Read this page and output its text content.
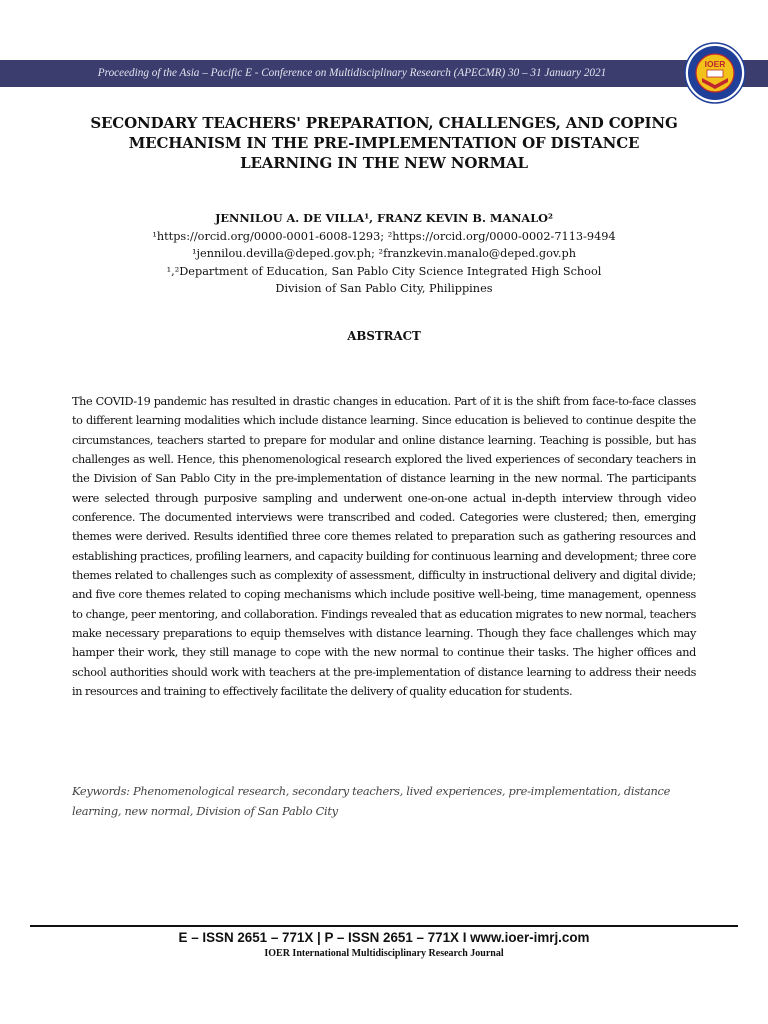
Proceeding of the Asia – Pacific E - Conference on Multidisciplinary Research (APECMR) 30 – 31 January 2021
IOER
SECONDARY TEACHERS' PREPARATION, CHALLENGES, AND COPING
MECHANISM IN THE PRE-IMPLEMENTATION OF DISTANCE
LEARNING IN THE NEW NORMAL
JENNILOU A. DE VILLA¹, FRANZ KEVIN B. MANALO²
¹https://orcid.org/0000-0001-6008-1293; ²https://orcid.org/0000-0002-7113-9494
¹jennilou.devilla@deped.gov.ph; ²franzkevin.manalo@deped.gov.ph
¹,²Department of Education, San Pablo City Science Integrated High School
Division of San Pablo City, Philippines
ABSTRACT
The COVID-19 pandemic has resulted in drastic changes in education. Part of it is the shift from face-to-face classes to different learning modalities which include distance learning. Since education is believed to continue despite the circumstances, teachers started to prepare for modular and online distance learning. Teaching is possible, but has challenges as well. Hence, this phenomenological research explored the lived experiences of secondary teachers in the Division of San Pablo City in the pre-implementation of distance learning in the new normal. The participants were selected through purposive sampling and underwent one-on-one actual in-depth interview through video conference. The documented interviews were transcribed and coded. Categories were clustered; then, emerging themes were derived. Results identified three core themes related to preparation such as gathering resources and establishing practices, profiling learners, and capacity building for continuous learning and development; three core themes related to challenges such as complexity of assessment, difficulty in instructional delivery and digital divide; and five core themes related to coping mechanisms which include positive well-being, time management, openness to change, peer mentoring, and collaboration. Findings revealed that as education migrates to new normal, teachers make necessary preparations to equip themselves with distance learning. Though they face challenges which may hamper their work, they still manage to cope with the new normal to continue their tasks. The higher offices and school authorities should work with teachers at the pre-implementation of distance learning to address their needs in resources and training to effectively facilitate the delivery of quality education for students.
Keywords: Phenomenological research, secondary teachers, lived experiences, pre-implementation, distance learning, new normal, Division of San Pablo City
E – ISSN 2651 – 771X | P – ISSN 2651 – 771X I www.ioer-imrj.com
IOER International Multidisciplinary Research Journal
